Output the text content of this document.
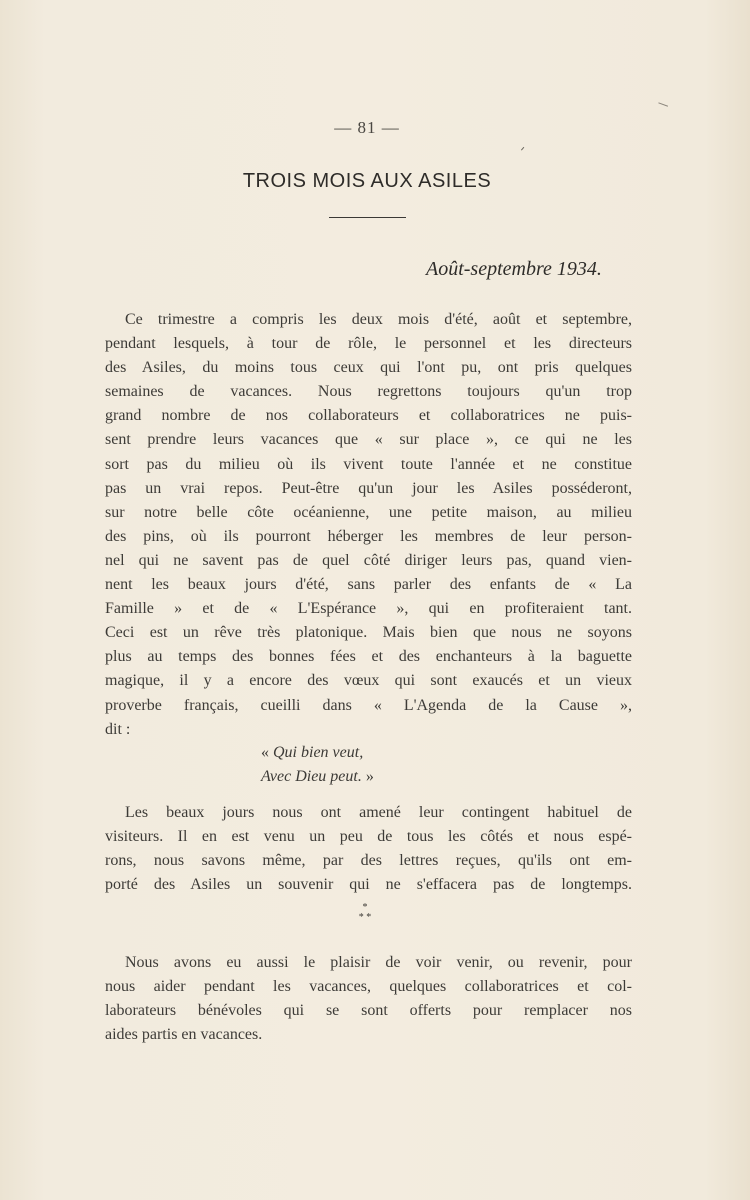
— 81 —
TROIS MOIS AUX ASILES
Août-septembre 1934.
Ce trimestre a compris les deux mois d'été, août et septembre,
pendant lesquels, à tour de rôle, le personnel et les directeurs
des Asiles, du moins tous ceux qui l'ont pu, ont pris quelques
semaines de vacances. Nous regrettons toujours qu'un trop
grand nombre de nos collaborateurs et collaboratrices ne puis-
sent prendre leurs vacances que « sur place », ce qui ne les
sort pas du milieu où ils vivent toute l'année et ne constitue
pas un vrai repos. Peut-être qu'un jour les Asiles posséderont,
sur notre belle côte océanienne, une petite maison, au milieu
des pins, où ils pourront héberger les membres de leur person-
nel qui ne savent pas de quel côté diriger leurs pas, quand vien-
nent les beaux jours d'été, sans parler des enfants de « La
Famille » et de « L'Espérance », qui en profiteraient tant.
Ceci est un rêve très platonique. Mais bien que nous ne soyons
plus au temps des bonnes fées et des enchanteurs à la baguette
magique, il y a encore des vœux qui sont exaucés et un vieux
proverbe français, cueilli dans « L'Agenda de la Cause »,
dit :
« Qui bien veut,
Avec Dieu peut. »
Les beaux jours nous ont amené leur contingent habituel de
visiteurs. Il en est venu un peu de tous les côtés et nous espé-
rons, nous savons même, par des lettres reçues, qu'ils ont em-
porté des Asiles un souvenir qui ne s'effacera pas de longtemps.
*
* *
Nous avons eu aussi le plaisir de voir venir, ou revenir, pour
nous aider pendant les vacances, quelques collaboratrices et col-
laborateurs bénévoles qui se sont offerts pour remplacer nos
aides partis en vacances.
